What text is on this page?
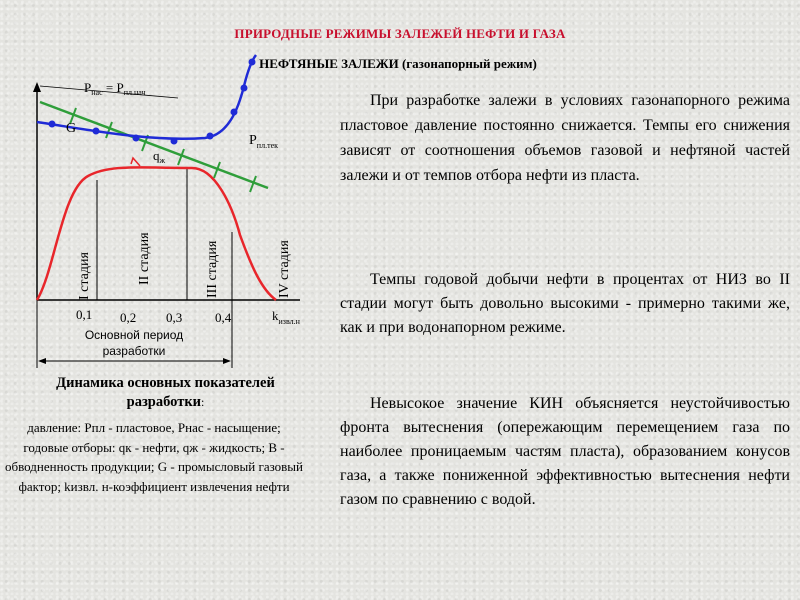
ПРИРОДНЫЕ РЕЖИМЫ ЗАЛЕЖЕЙ НЕФТИ И ГАЗА
НЕФТЯНЫЕ ЗАЛЕЖИ (газонапорный режим)
$Р_{нас} = Р_{пл.нач}$
G
$Р_{пл.тек}$
$q_ж$
I стадия	II стадия	III стадия	IV стадия
0,1 0,2 0,3	0,4	$k_{извл.н}$
Основной период
разработки
Динамика основных показателей разработки:
давление: Рпл - пластовое, Рнас - насыщение; годовые отборы: qк - нефти, qж - жидкость; В - обводненность продукции; G - промысловый газовый фактор; kизвл. н-коэффициент извлечения нефти
При разработке залежи в условиях газонапорного режима пластовое давление постоянно снижается. Темпы его снижения зависят от соотношения объемов газовой и нефтяной частей залежи и от темпов отбора нефти из пласта.
Темпы годовой добычи нефти в процентах от НИЗ во II стадии могут быть довольно высокими - примерно такими же, как и при водонапорном режиме.
Невысокое значение КИН объясняется неустойчивостью фронта вытеснения (опережающим перемещением газа по наиболее проницаемым частям пласта), образованием конусов газа, а также пониженной эффективностью вытеснения нефти газом по сравнению с водой.
